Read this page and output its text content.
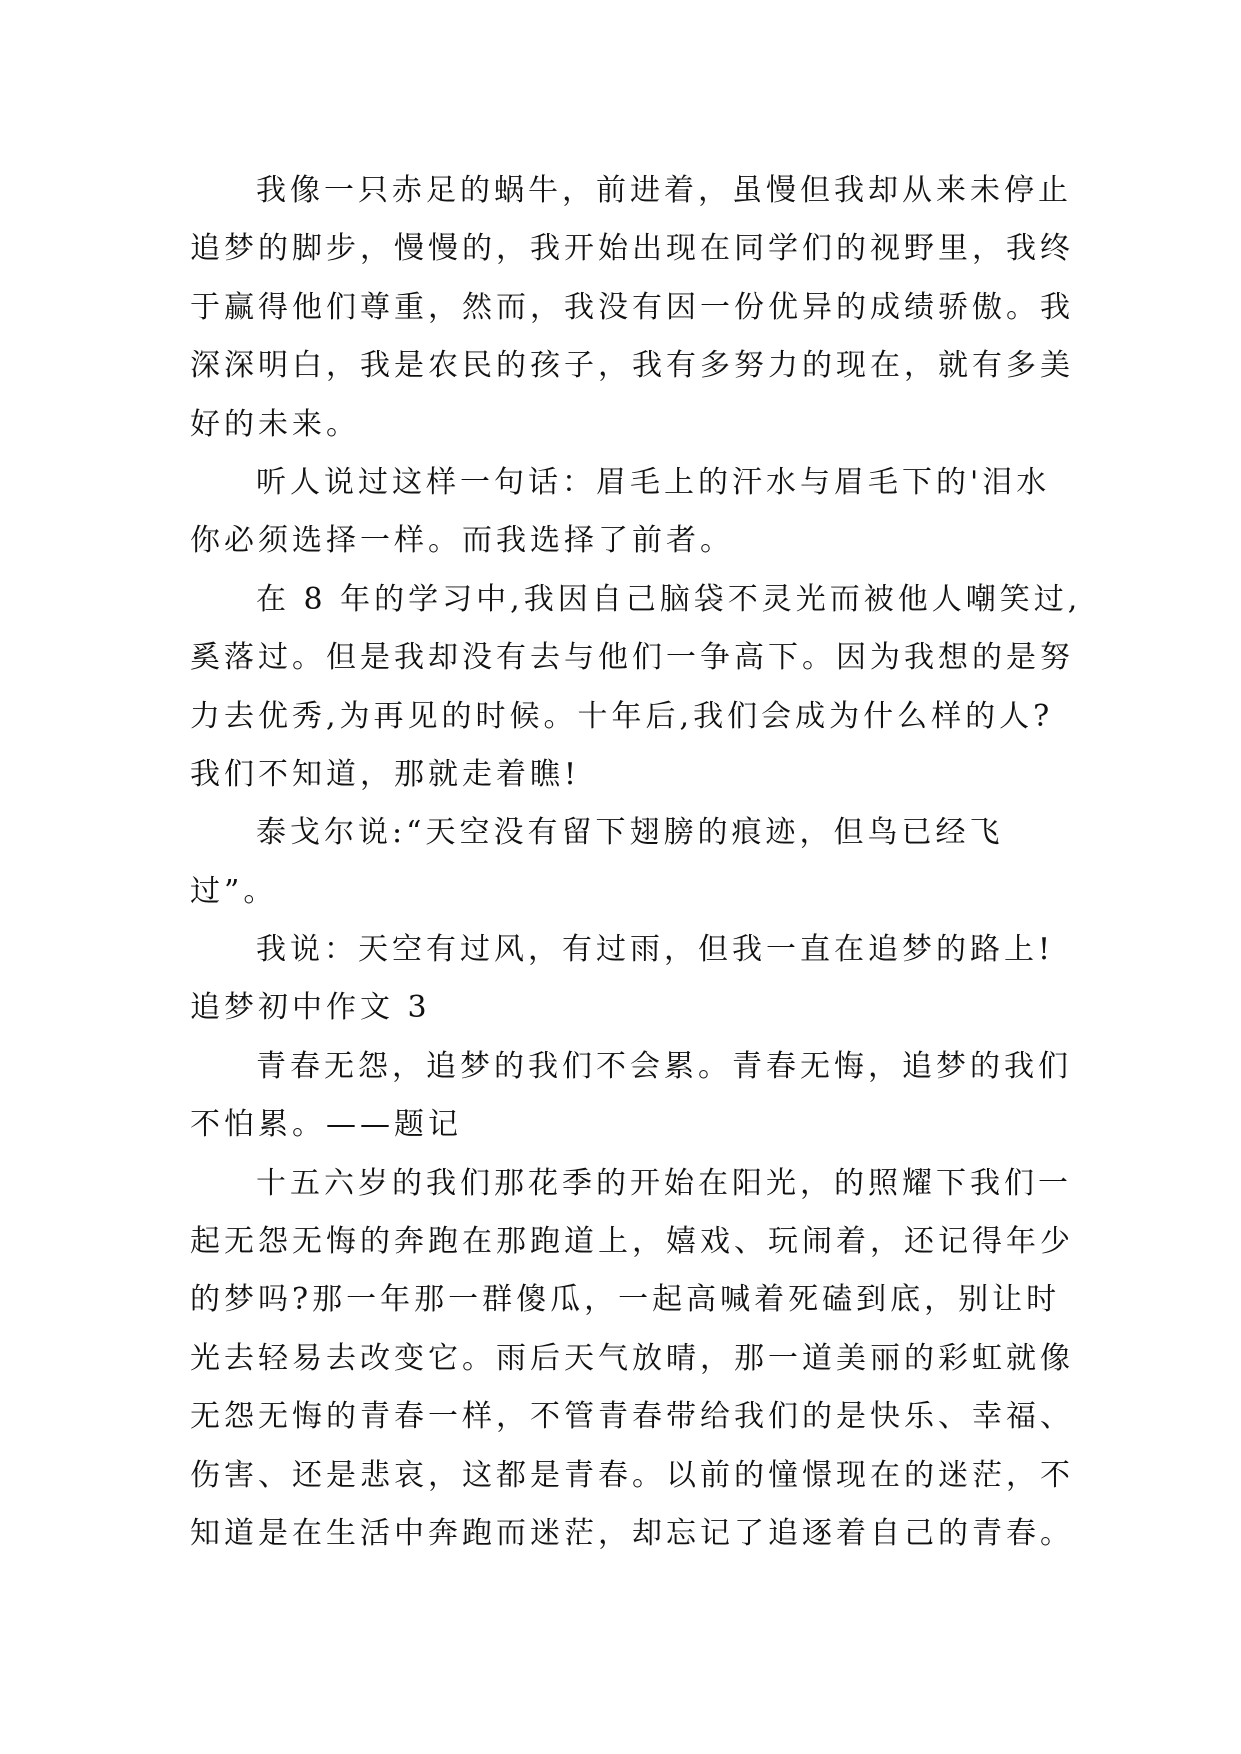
我像一只赤足的蜗牛，前进着，虽慢但我却从来未停止
追梦的脚步，慢慢的，我开始出现在同学们的视野里，我终
于赢得他们尊重，然而，我没有因一份优异的成绩骄傲。我
深深明白，我是农民的孩子，我有多努力的现在，就有多美
好的未来。
听人说过这样一句话：眉毛上的汗水与眉毛下的'泪水
你必须选择一样。而我选择了前者。
在 8 年的学习中,我因自己脑袋不灵光而被他人嘲笑过,
奚落过。但是我却没有去与他们一争高下。因为我想的是努
力去优秀,为再见的时候。十年后,我们会成为什么样的人?
我们不知道，那就走着瞧!
泰戈尔说:“天空没有留下翅膀的痕迹，但鸟已经飞
过”。
我说：天空有过风，有过雨，但我一直在追梦的路上!
追梦初中作文 3
青春无怨，追梦的我们不会累。青春无悔，追梦的我们
不怕累。——题记
十五六岁的我们那花季的开始在阳光，的照耀下我们一
起无怨无悔的奔跑在那跑道上，嬉戏、玩闹着，还记得年少
的梦吗?那一年那一群傻瓜，一起高喊着死磕到底，别让时
光去轻易去改变它。雨后天气放晴，那一道美丽的彩虹就像
无怨无悔的青春一样，不管青春带给我们的是快乐、幸福、
伤害、还是悲哀，这都是青春。以前的憧憬现在的迷茫，不
知道是在生活中奔跑而迷茫，却忘记了追逐着自己的青春。
